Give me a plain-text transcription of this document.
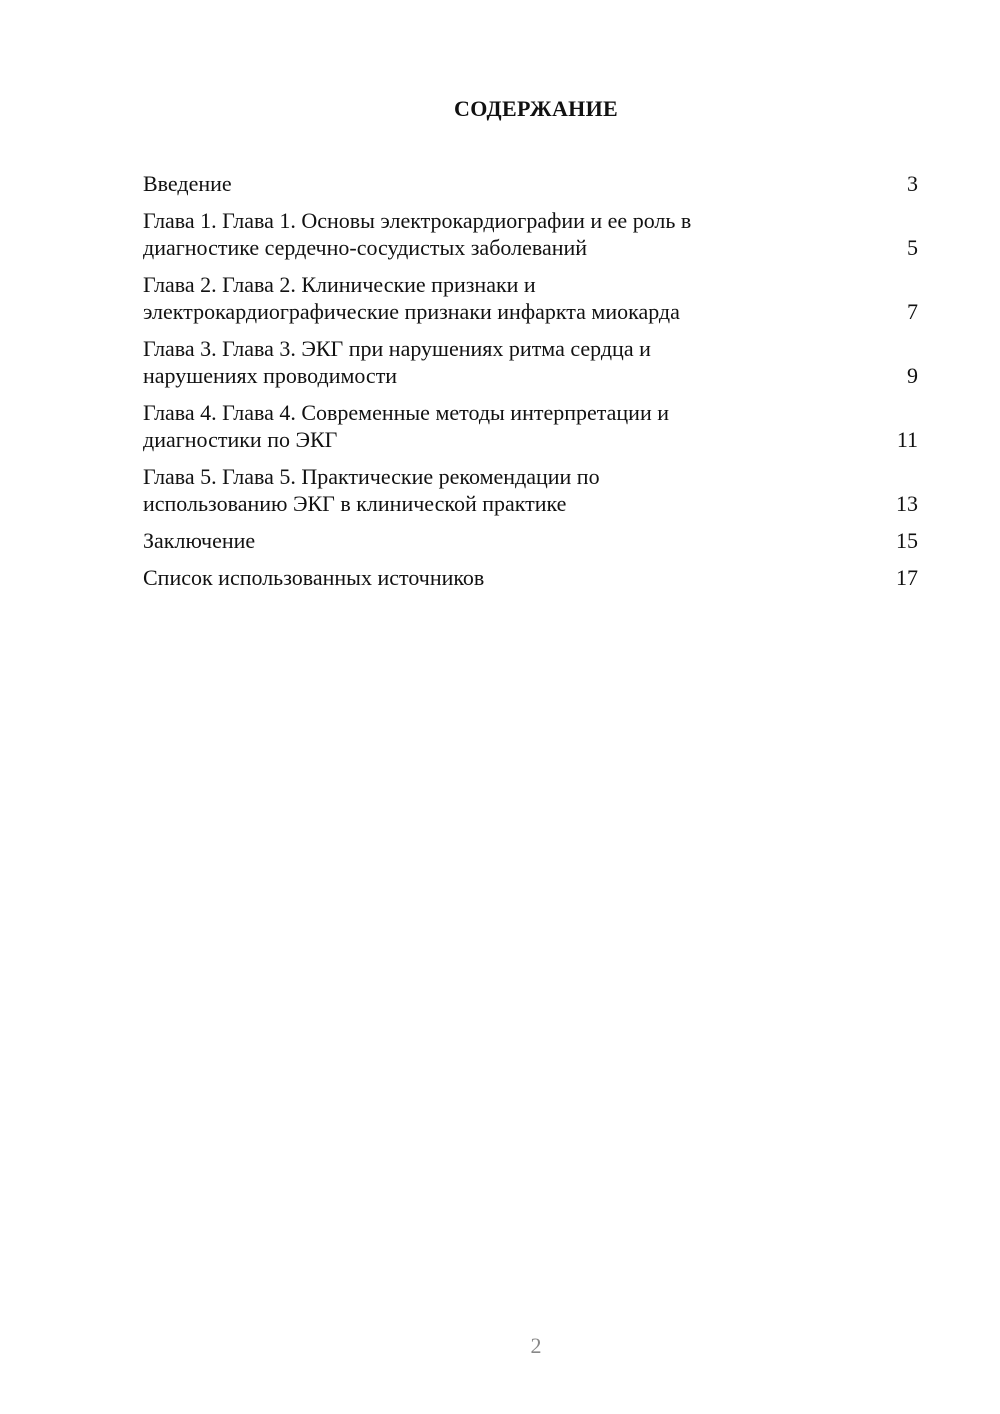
СОДЕРЖАНИЕ
Введение	3
Глава 1. Глава 1. Основы электрокардиографии и ее роль в
диагностике сердечно-сосудистых заболеваний	5
Глава 2. Глава 2. Клинические признаки и
электрокардиографические признаки инфаркта миокарда	7
Глава 3. Глава 3. ЭКГ при нарушениях ритма сердца и
нарушениях проводимости	9
Глава 4. Глава 4. Современные методы интерпретации и
диагностики по ЭКГ	11
Глава 5. Глава 5. Практические рекомендации по
использованию ЭКГ в клинической практике	13
Заключение	15
Список использованных источников	17
2
